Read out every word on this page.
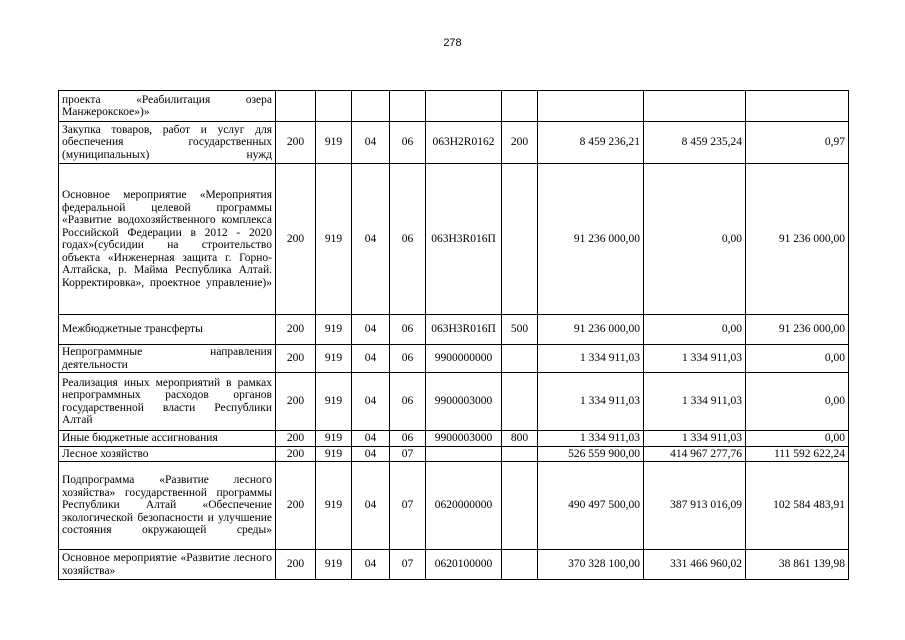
278
проекта «Реабилитация озера Манжерокское»)»									
Закупка товаров, работ и услуг для обеспечения государственных (муниципальных) нужд	200	919	04	06	063H2R0162	200	8 459 236,21	8 459 235,24	0,97
Основное мероприятие «Мероприятия федеральной целевой программы «Развитие водохозяйственного комплекса Российской Федерации в 2012 - 2020 годах»(субсидии на строительство объекта «Инженерная защита г. Горно-Алтайска, р. Майма Республика Алтай. Корректировка», проектное управление)»	200	919	04	06	063H3R016П		91 236 000,00	0,00	91 236 000,00
Межбюджетные трансферты	200	919	04	06	063H3R016П	500	91 236 000,00	0,00	91 236 000,00
Непрограммные направления деятельности	200	919	04	06	9900000000		1 334 911,03	1 334 911,03	0,00
Реализация иных мероприятий в рамках непрограммных расходов органов государственной власти Республики Алтай	200	919	04	06	9900003000		1 334 911,03	1 334 911,03	0,00
Иные бюджетные ассигнования	200	919	04	06	9900003000	800	1 334 911,03	1 334 911,03	0,00
Лесное хозяйство	200	919	04	07			526 559 900,00	414 967 277,76	111 592 622,24
Подпрограмма «Развитие лесного хозяйства» государственной программы Республики Алтай «Обеспечение экологической безопасности и улучшение состояния окружающей среды»	200	919	04	07	0620000000		490 497 500,00	387 913 016,09	102 584 483,91
Основное мероприятие «Развитие лесного хозяйства»	200	919	04	07	0620100000		370 328 100,00	331 466 960,02	38 861 139,98
